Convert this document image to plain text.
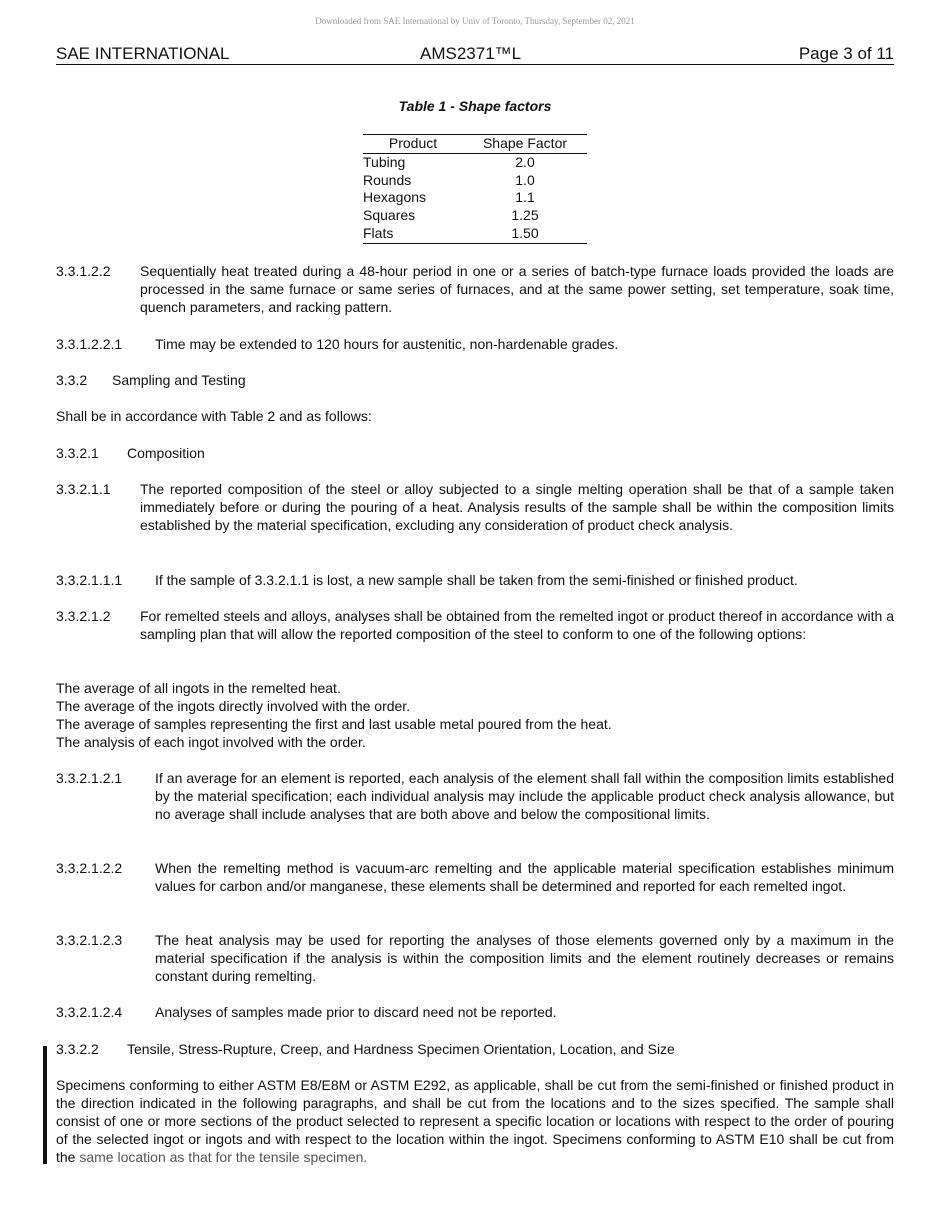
Downloaded from SAE International by Univ of Toronto, Thursday, September 02, 2021
SAE INTERNATIONAL	AMS2371™L	Page 3 of 11
Table 1 - Shape factors
Product	Shape Factor
Tubing	2.0
Rounds	1.0
Hexagons	1.1
Squares	1.25
Flats	1.50
3.3.1.2.2 Sequentially heat treated during a 48-hour period in one or a series of batch-type furnace loads provided the loads are processed in the same furnace or same series of furnaces, and at the same power setting, set temperature, soak time, quench parameters, and racking pattern.
3.3.1.2.2.1 Time may be extended to 120 hours for austenitic, non-hardenable grades.
3.3.2 Sampling and Testing
Shall be in accordance with Table 2 and as follows:
3.3.2.1 Composition
3.3.2.1.1 The reported composition of the steel or alloy subjected to a single melting operation shall be that of a sample taken immediately before or during the pouring of a heat. Analysis results of the sample shall be within the composition limits established by the material specification, excluding any consideration of product check analysis.
3.3.2.1.1.1 If the sample of 3.3.2.1.1 is lost, a new sample shall be taken from the semi-finished or finished product.
3.3.2.1.2 For remelted steels and alloys, analyses shall be obtained from the remelted ingot or product thereof in accordance with a sampling plan that will allow the reported composition of the steel to conform to one of the following options:
The average of all ingots in the remelted heat.
The average of the ingots directly involved with the order.
The average of samples representing the first and last usable metal poured from the heat.
The analysis of each ingot involved with the order.
3.3.2.1.2.1 If an average for an element is reported, each analysis of the element shall fall within the composition limits established by the material specification; each individual analysis may include the applicable product check analysis allowance, but no average shall include analyses that are both above and below the compositional limits.
3.3.2.1.2.2 When the remelting method is vacuum-arc remelting and the applicable material specification establishes minimum values for carbon and/or manganese, these elements shall be determined and reported for each remelted ingot.
3.3.2.1.2.3 The heat analysis may be used for reporting the analyses of those elements governed only by a maximum in the material specification if the analysis is within the composition limits and the element routinely decreases or remains constant during remelting.
3.3.2.1.2.4 Analyses of samples made prior to discard need not be reported.
3.3.2.2 Tensile, Stress-Rupture, Creep, and Hardness Specimen Orientation, Location, and Size
Specimens conforming to either ASTM E8/E8M or ASTM E292, as applicable, shall be cut from the semi-finished or finished product in the direction indicated in the following paragraphs, and shall be cut from the locations and to the sizes specified. The sample shall consist of one or more sections of the product selected to represent a specific location or locations with respect to the order of pouring of the selected ingot or ingots and with respect to the location within the ingot. Specimens conforming to ASTM E10 shall be cut from the same location as that for the tensile specimen.
